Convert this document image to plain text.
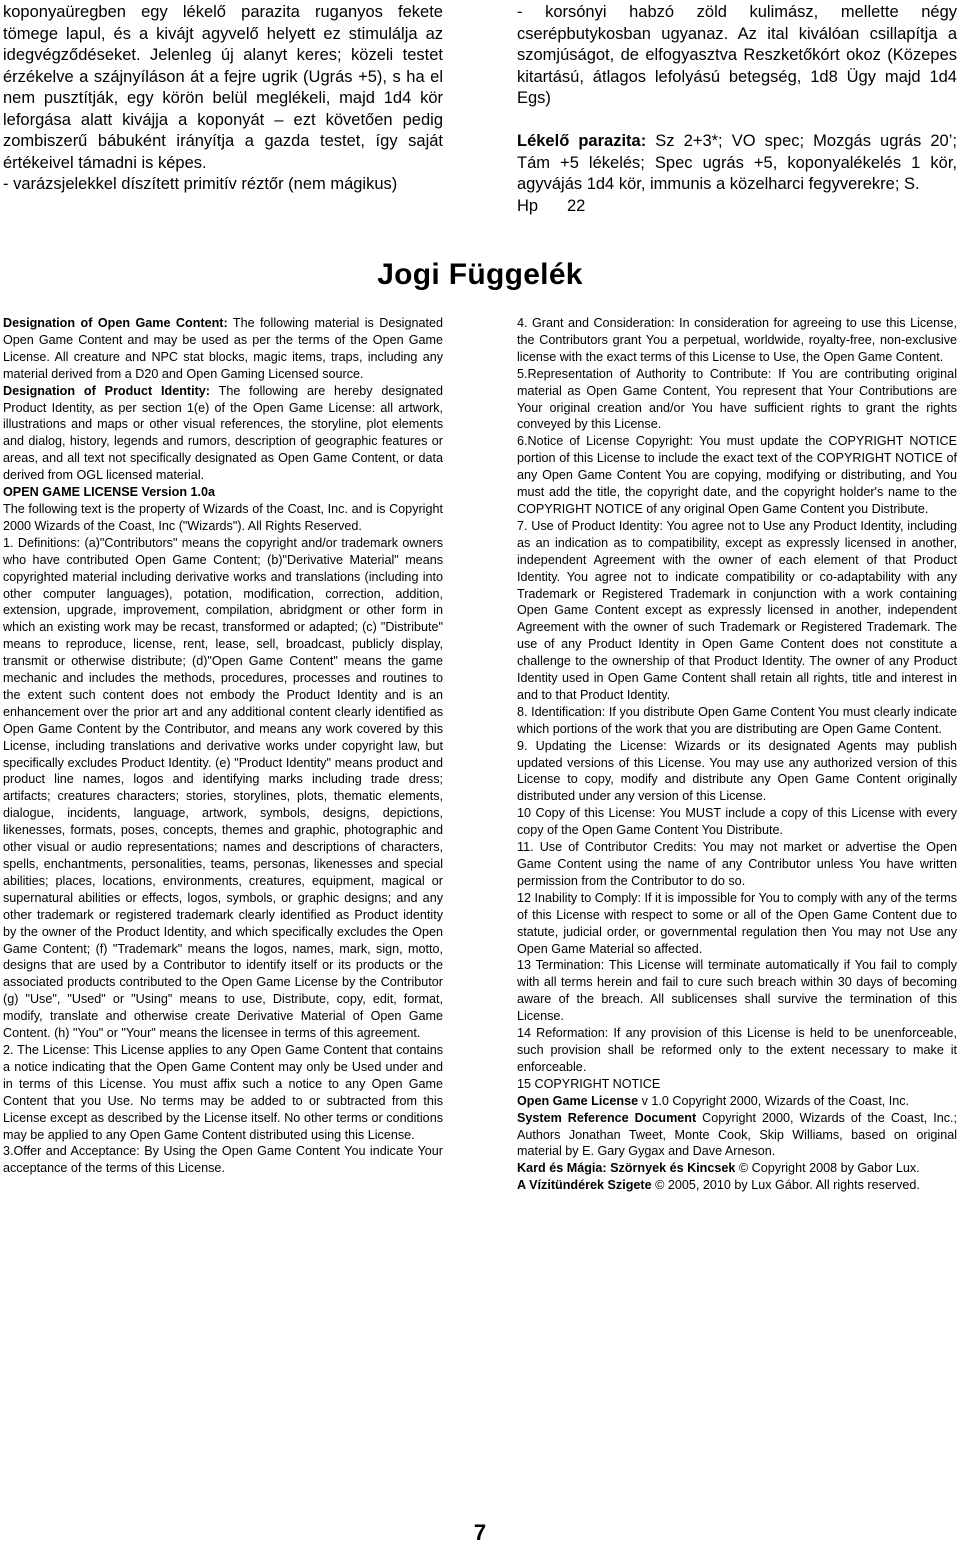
koponyaüregben egy lékelő parazita ruganyos fekete tömege lapul, és a kivájt agyvelő helyett ez stimulálja az idegvégződéseket. Jelenleg új alanyt keres; közeli testet érzékelve a szájnyíláson át a fejre ugrik (Ugrás +5), s ha el nem pusztítják, egy körön belül meglékeli, majd 1d4 kör leforgása alatt kivájja a koponyát – ezt követően pedig zombiszerű bábuként irányítja a gazda testet, így saját értékeivel támadni is képes.

- varázsjelekkel díszített primitív réztőr (nem mágikus)

- korsónyi habzó zöld kulimász, mellette négy cserépbutykosban ugyanaz. Az ital kiválóan csillapítja a szomjúságot, de elfogyasztva Reszketőkórt okoz (Közepes kitartású, átlagos lefolyású betegség, 1d8 Ügy majd 1d4 Egs)

Lékelő parazita: Sz 2+3*; VO spec; Mozgás ugrás 20’; Tám +5 lékelés; Spec ugrás +5, koponyalékelés 1 kör, agyvájás 1d4 kör, immunis a közelharci fegyverekre; S.

Hp 22

Jogi Függelék

Designation of Open Game Content: The following material is Designated Open Game Content and may be used as per the terms of the Open Game License. All creature and NPC stat blocks, magic items, traps, including any material derived from a D20 and Open Gaming Licensed source.

Designation of Product Identity: The following are hereby designated Product Identity, as per section 1(e) of the Open Game License: all artwork, illustrations and maps or other visual references, the storyline, plot elements and dialog, history, legends and rumors, description of geographic features or areas, and all text not specifically designated as Open Game Content, or data derived from OGL licensed material.

OPEN GAME LICENSE Version 1.0a

The following text is the property of Wizards of the Coast, Inc. and is Copyright 2000 Wizards of the Coast, Inc ("Wizards"). All Rights Reserved.

1. Definitions: (a)"Contributors" means the copyright and/or trademark owners who have contributed Open Game Content; (b)"Derivative Material" means copyrighted material including derivative works and translations (including into other computer languages), potation, modification, correction, addition, extension, upgrade, improvement, compilation, abridgment or other form in which an existing work may be recast, transformed or adapted; (c) "Distribute" means to reproduce, license, rent, lease, sell, broadcast, publicly display, transmit or otherwise distribute; (d)"Open Game Content" means the game mechanic and includes the methods, procedures, processes and routines to the extent such content does not embody the Product Identity and is an enhancement over the prior art and any additional content clearly identified as Open Game Content by the Contributor, and means any work covered by this License, including translations and derivative works under copyright law, but specifically excludes Product Identity. (e) "Product Identity" means product and product line names, logos and identifying marks including trade dress; artifacts; creatures characters; stories, storylines, plots, thematic elements, dialogue, incidents, language, artwork, symbols, designs, depictions, likenesses, formats, poses, concepts, themes and graphic, photographic and other visual or audio representations; names and descriptions of characters, spells, enchantments, personalities, teams, personas, likenesses and special abilities; places, locations, environments, creatures, equipment, magical or supernatural abilities or effects, logos, symbols, or graphic designs; and any other trademark or registered trademark clearly identified as Product identity by the owner of the Product Identity, and which specifically excludes the Open Game Content; (f) "Trademark" means the logos, names, mark, sign, motto, designs that are used by a Contributor to identify itself or its products or the associated products contributed to the Open Game License by the Contributor (g) "Use", "Used" or "Using" means to use, Distribute, copy, edit, format, modify, translate and otherwise create Derivative Material of Open Game Content. (h) "You" or "Your" means the licensee in terms of this agreement.

2. The License: This License applies to any Open Game Content that contains a notice indicating that the Open Game Content may only be Used under and in terms of this License. You must affix such a notice to any Open Game Content that you Use. No terms may be added to or subtracted from this License except as described by the License itself. No other terms or conditions may be applied to any Open Game Content distributed using this License.

3.Offer and Acceptance: By Using the Open Game Content You indicate Your acceptance of the terms of this License.

4. Grant and Consideration: In consideration for agreeing to use this License, the Contributors grant You a perpetual, worldwide, royalty-free, non-exclusive license with the exact terms of this License to Use, the Open Game Content.

5.Representation of Authority to Contribute: If You are contributing original material as Open Game Content, You represent that Your Contributions are Your original creation and/or You have sufficient rights to grant the rights conveyed by this License.

6.Notice of License Copyright: You must update the COPYRIGHT NOTICE portion of this License to include the exact text of the COPYRIGHT NOTICE of any Open Game Content You are copying, modifying or distributing, and You must add the title, the copyright date, and the copyright holder's name to the COPYRIGHT NOTICE of any original Open Game Content you Distribute.

7. Use of Product Identity: You agree not to Use any Product Identity, including as an indication as to compatibility, except as expressly licensed in another, independent Agreement with the owner of each element of that Product Identity. You agree not to indicate compatibility or co-adaptability with any Trademark or Registered Trademark in conjunction with a work containing Open Game Content except as expressly licensed in another, independent Agreement with the owner of such Trademark or Registered Trademark. The use of any Product Identity in Open Game Content does not constitute a challenge to the ownership of that Product Identity. The owner of any Product Identity used in Open Game Content shall retain all rights, title and interest in and to that Product Identity.

8. Identification: If you distribute Open Game Content You must clearly indicate which portions of the work that you are distributing are Open Game Content.

9. Updating the License: Wizards or its designated Agents may publish updated versions of this License. You may use any authorized version of this License to copy, modify and distribute any Open Game Content originally distributed under any version of this License.

10 Copy of this License: You MUST include a copy of this License with every copy of the Open Game Content You Distribute.

11. Use of Contributor Credits: You may not market or advertise the Open Game Content using the name of any Contributor unless You have written permission from the Contributor to do so.

12 Inability to Comply: If it is impossible for You to comply with any of the terms of this License with respect to some or all of the Open Game Content due to statute, judicial order, or governmental regulation then You may not Use any Open Game Material so affected.

13 Termination: This License will terminate automatically if You fail to comply with all terms herein and fail to cure such breach within 30 days of becoming aware of the breach. All sublicenses shall survive the termination of this License.

14 Reformation: If any provision of this License is held to be unenforceable, such provision shall be reformed only to the extent necessary to make it enforceable.

15 COPYRIGHT NOTICE

Open Game License v 1.0 Copyright 2000, Wizards of the Coast, Inc.

System Reference Document Copyright 2000, Wizards of the Coast, Inc.; Authors Jonathan Tweet, Monte Cook, Skip Williams, based on original material by E. Gary Gygax and Dave Arneson.

Kard és Mágia: Szörnyek és Kincsek © Copyright 2008 by Gabor Lux.

A Vízitündérek Szigete © 2005, 2010 by Lux Gábor. All rights reserved.

7
